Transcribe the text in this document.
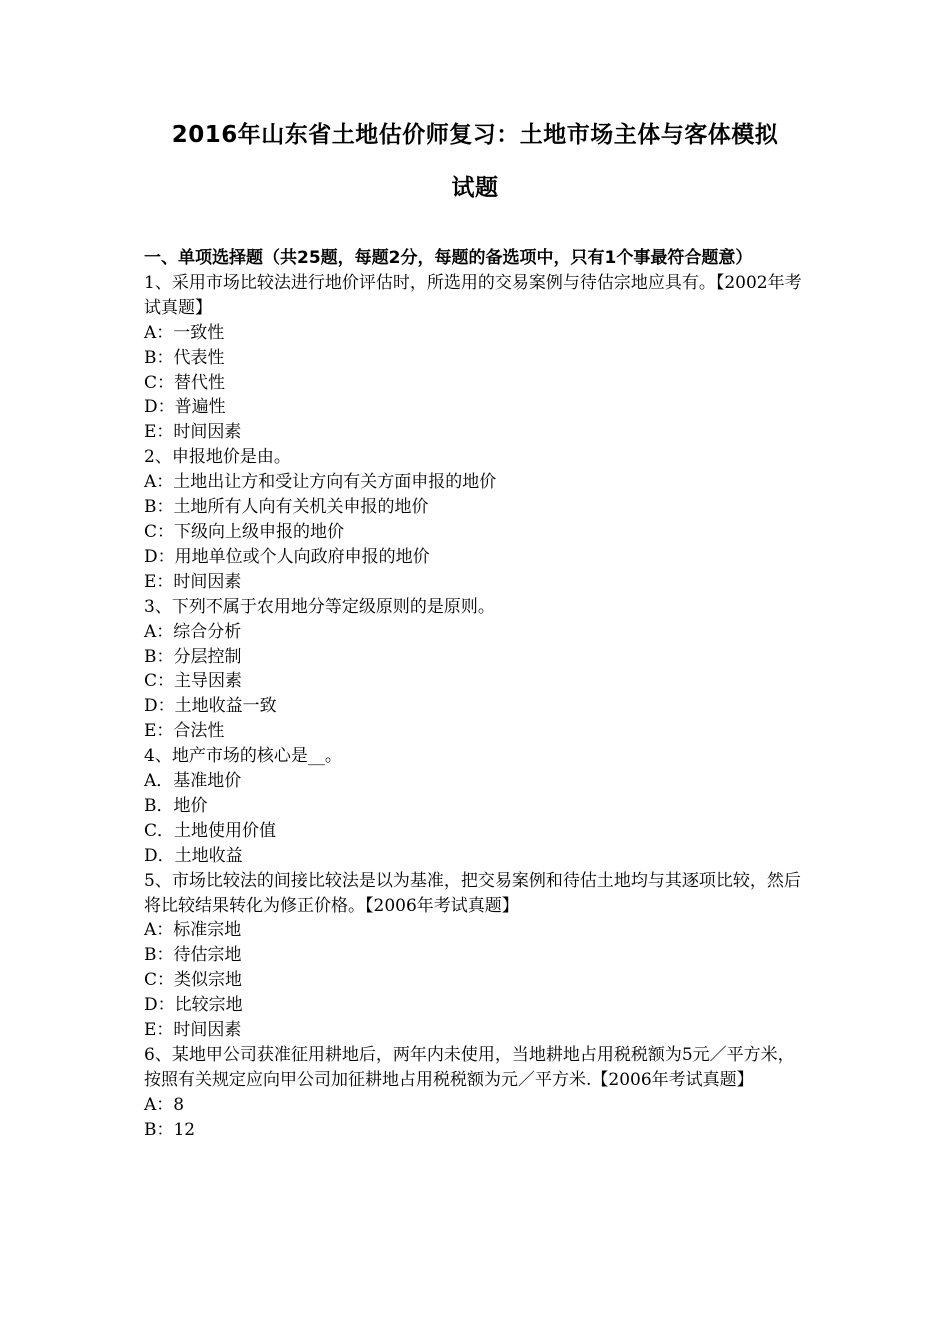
2016年山东省土地估价师复习：土地市场主体与客体模拟
试题

一、单项选择题（共25题，每题2分，每题的备选项中，只有1个事最符合题意）

1、采用市场比较法进行地价评估时，所选用的交易案例与待估宗地应具有。【2002年考试真题】

A：一致性

B：代表性

C：替代性

D：普遍性

E：时间因素

2、申报地价是由。

A：土地出让方和受让方向有关方面申报的地价

B：土地所有人向有关机关申报的地价

C：下级向上级申报的地价

D：用地单位或个人向政府申报的地价

E：时间因素

3、下列不属于农用地分等定级原则的是原则。

A：综合分析

B：分层控制

C：主导因素

D：土地收益一致

E：合法性

4、地产市场的核心是__。

A．基准地价

B．地价

C．土地使用价值

D．土地收益

5、市场比较法的间接比较法是以为基准，把交易案例和待估土地均与其逐项比较，然后将比较结果转化为修正价格。【2006年考试真题】

A：标准宗地

B：待估宗地

C：类似宗地

D：比较宗地

E：时间因素

6、某地甲公司获准征用耕地后，两年内未使用，当地耕地占用税税额为5元／平方米，按照有关规定应向甲公司加征耕地占用税税额为元／平方米.【2006年考试真题】

A：8

B：12
